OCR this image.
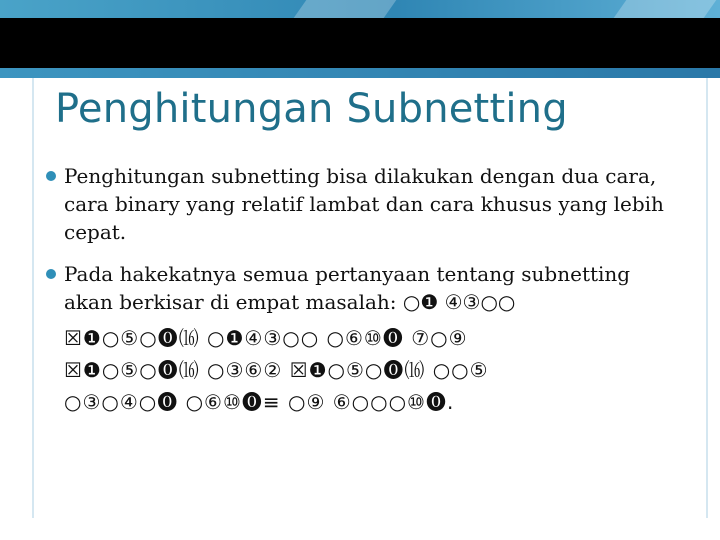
Penghitungan Subnetting
Penghitungan subnetting bisa dilakukan dengan dua cara,
cara binary yang relatif lambat dan cara khusus yang lebih
cepat.
Pada hakekatnya semua pertanyaan tentang subnetting
akan berkisar di empat masalah: ○❶ ④③○○
☒❶○⑤○⓿⒃ ○❶④③○○ ○⑥⑩⓿ ⑦○⑨
☒❶○⑤○⓿⒃ ○③⑥② ☒❶○⑤○⓿⒃ ○○⑤
○③○④○⓿ ○⑥⑩⓿≡ ○⑨ ⑥○○○⑩⓿.
